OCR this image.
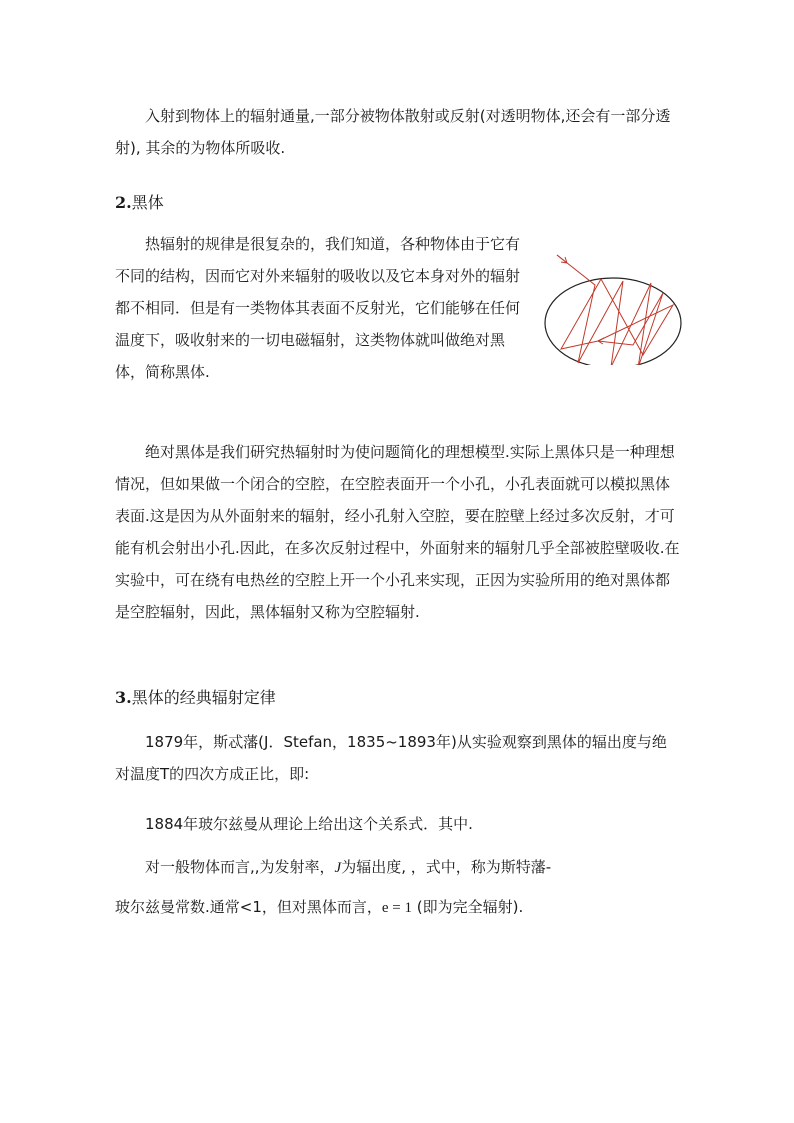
入射到物体上的辐射通量,一部分被物体散射或反射(对透明物体,还会有一部分透射), 其余的为物体所吸收.

2.黑体

热辐射的规律是很复杂的，我们知道，各种物体由于它有不同的结构，因而它对外来辐射的吸收以及它本身对外的辐射都不相同．但是有一类物体其表面不反射光，它们能够在任何温度下，吸收射来的一切电磁辐射，这类物体就叫做绝对黑体，简称黑体.

绝对黑体是我们研究热辐射时为使问题简化的理想模型.实际上黑体只是一种理想情况，但如果做一个闭合的空腔，在空腔表面开一个小孔，小孔表面就可以模拟黑体表面.这是因为从外面射来的辐射，经小孔射入空腔，要在腔壁上经过多次反射，才可能有机会射出小孔.因此，在多次反射过程中，外面射来的辐射几乎全部被腔壁吸收.在实验中，可在绕有电热丝的空腔上开一个小孔来实现，正因为实验所用的绝对黑体都是空腔辐射，因此，黑体辐射又称为空腔辐射.

3.黑体的经典辐射定律

1879年，斯忒藩(J．Stefan，1835~1893年)从实验观察到黑体的辐出度与绝对温度T的四次方成正比，即:

1884年玻尔兹曼从理论上给出这个关系式．其中.

对一般物体而言,,为发射率，J为辐出度, ，式中，称为斯特藩-

玻尔兹曼常数.通常<1，但对黑体而言，e = 1 (即为完全辐射).
